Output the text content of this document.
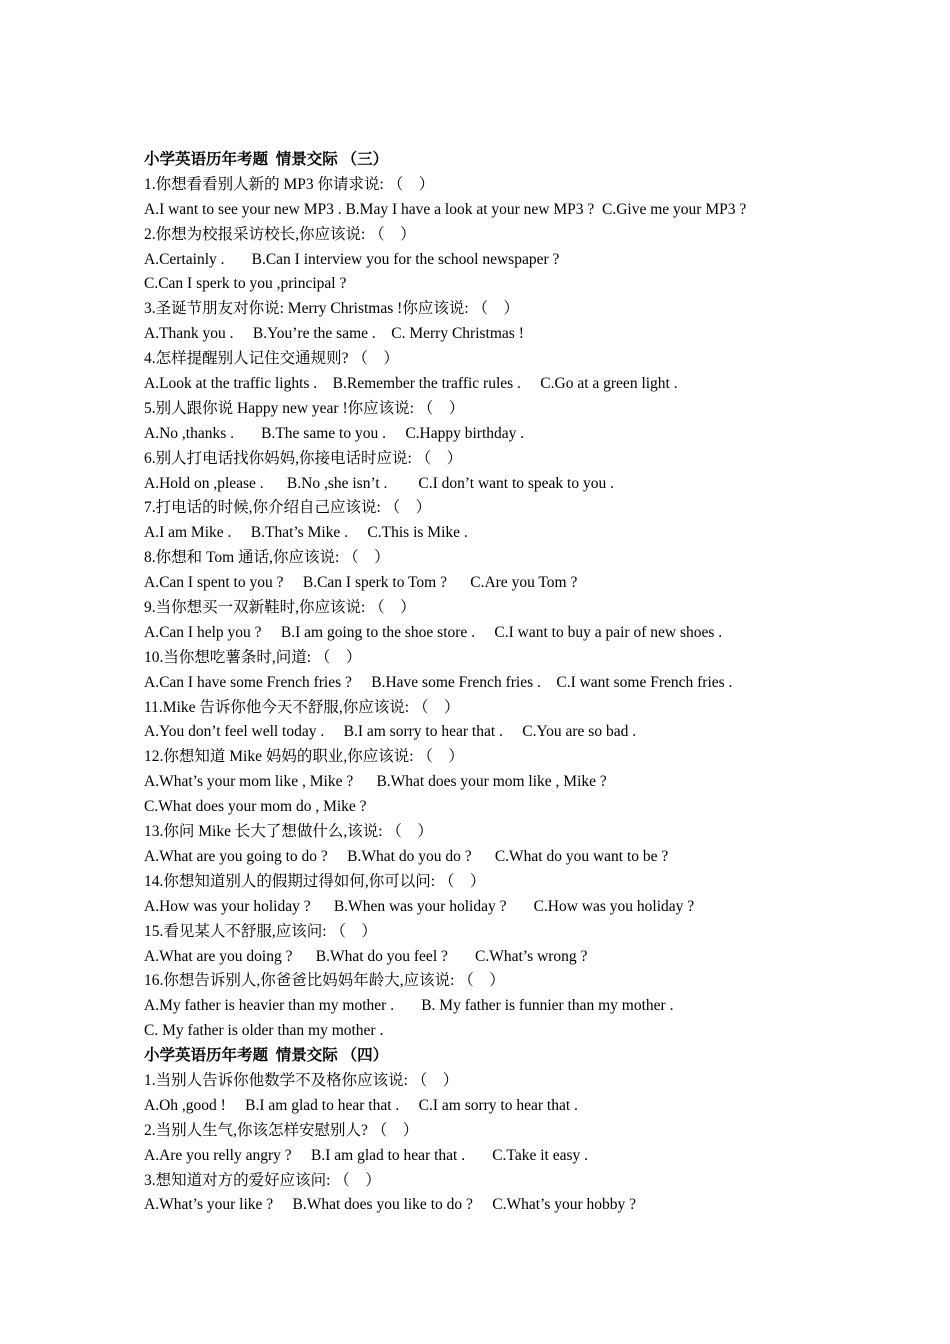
小学英语历年考题  情景交际 （三）
1.你想看看别人新的 MP3 你请求说: （    ）
A.I want to see your new MP3 . B.May I have a look at your new MP3 ?  C.Give me your MP3 ?
2.你想为校报采访校长,你应该说: （    ）
A.Certainly .       B.Can I interview you for the school newspaper ?
C.Can I sperk to you ,principal ?
3.圣诞节朋友对你说: Merry Christmas !你应该说: （    ）
A.Thank you .     B.You’re the same .    C. Merry Christmas !
4.怎样提醒别人记住交通规则? （    ）
A.Look at the traffic lights .    B.Remember the traffic rules .     C.Go at a green light .
5.别人跟你说 Happy new year !你应该说: （    ）
A.No ,thanks .       B.The same to you .     C.Happy birthday .
6.别人打电话找你妈妈,你接电话时应说: （    ）
A.Hold on ,please .      B.No ,she isn’t .        C.I don’t want to speak to you .
7.打电话的时候,你介绍自己应该说: （    ）
A.I am Mike .     B.That’s Mike .     C.This is Mike .
8.你想和 Tom 通话,你应该说: （    ）
A.Can I spent to you ?     B.Can I sperk to Tom ?      C.Are you Tom ?
9.当你想买一双新鞋时,你应该说: （    ）
A.Can I help you ?     B.I am going to the shoe store .     C.I want to buy a pair of new shoes .
10.当你想吃薯条时,问道: （    ）
A.Can I have some French fries ?     B.Have some French fries .    C.I want some French fries .
11.Mike 告诉你他今天不舒服,你应该说: （    ）
A.You don’t feel well today .     B.I am sorry to hear that .     C.You are so bad .
12.你想知道 Mike 妈妈的职业,你应该说: （    ）
A.What’s your mom like , Mike ?      B.What does your mom like , Mike ?
C.What does your mom do , Mike ?
13.你问 Mike 长大了想做什么,该说: （    ）
A.What are you going to do ?     B.What do you do ?      C.What do you want to be ?
14.你想知道别人的假期过得如何,你可以问: （    ）
A.How was your holiday ?      B.When was your holiday ?       C.How was you holiday ?
15.看见某人不舒服,应该问: （    ）
A.What are you doing ?      B.What do you feel ?       C.What’s wrong ?
16.你想告诉别人,你爸爸比妈妈年龄大,应该说: （    ）
A.My father is heavier than my mother .       B. My father is funnier than my mother .
C. My father is older than my mother .
小学英语历年考题  情景交际 （四）
1.当别人告诉你他数学不及格你应该说: （    ）
A.Oh ,good !     B.I am glad to hear that .     C.I am sorry to hear that .
2.当别人生气,你该怎样安慰别人? （    ）
A.Are you relly angry ?     B.I am glad to hear that .       C.Take it easy .
3.想知道对方的爱好应该问: （    ）
A.What’s your like ?     B.What does you like to do ?     C.What’s your hobby ?
